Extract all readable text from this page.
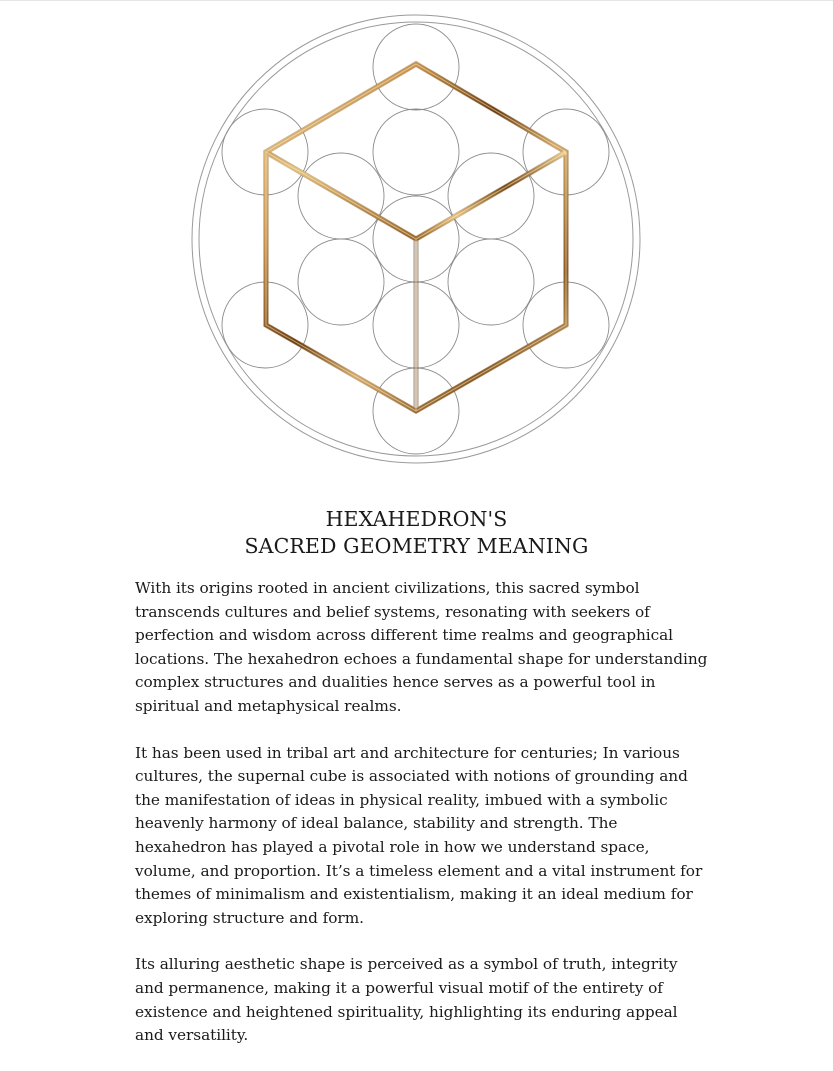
HEXAHEDRON'S
SACRED GEOMETRY MEANING

With its origins rooted in ancient civilizations, this sacred symbol transcends cultures and belief systems, resonating with seekers of perfection and wisdom across different time realms and geographical locations. The hexahedron echoes a fundamental shape for understanding complex structures and dualities hence serves as a powerful tool in spiritual and metaphysical realms.

It has been used in tribal art and architecture for centuries; In various cultures, the supernal cube is associated with notions of grounding and the manifestation of ideas in physical reality, imbued with a symbolic heavenly harmony of ideal balance, stability and strength. The hexahedron has played a pivotal role in how we understand space, volume, and proportion. It’s a timeless element and a vital instrument for themes of minimalism and existentialism, making it an ideal medium for exploring structure and form.

Its alluring aesthetic shape is perceived as a symbol of truth, integrity and permanence, making it a powerful visual motif of the entirety of existence and heightened spirituality, highlighting its enduring appeal and versatility.
